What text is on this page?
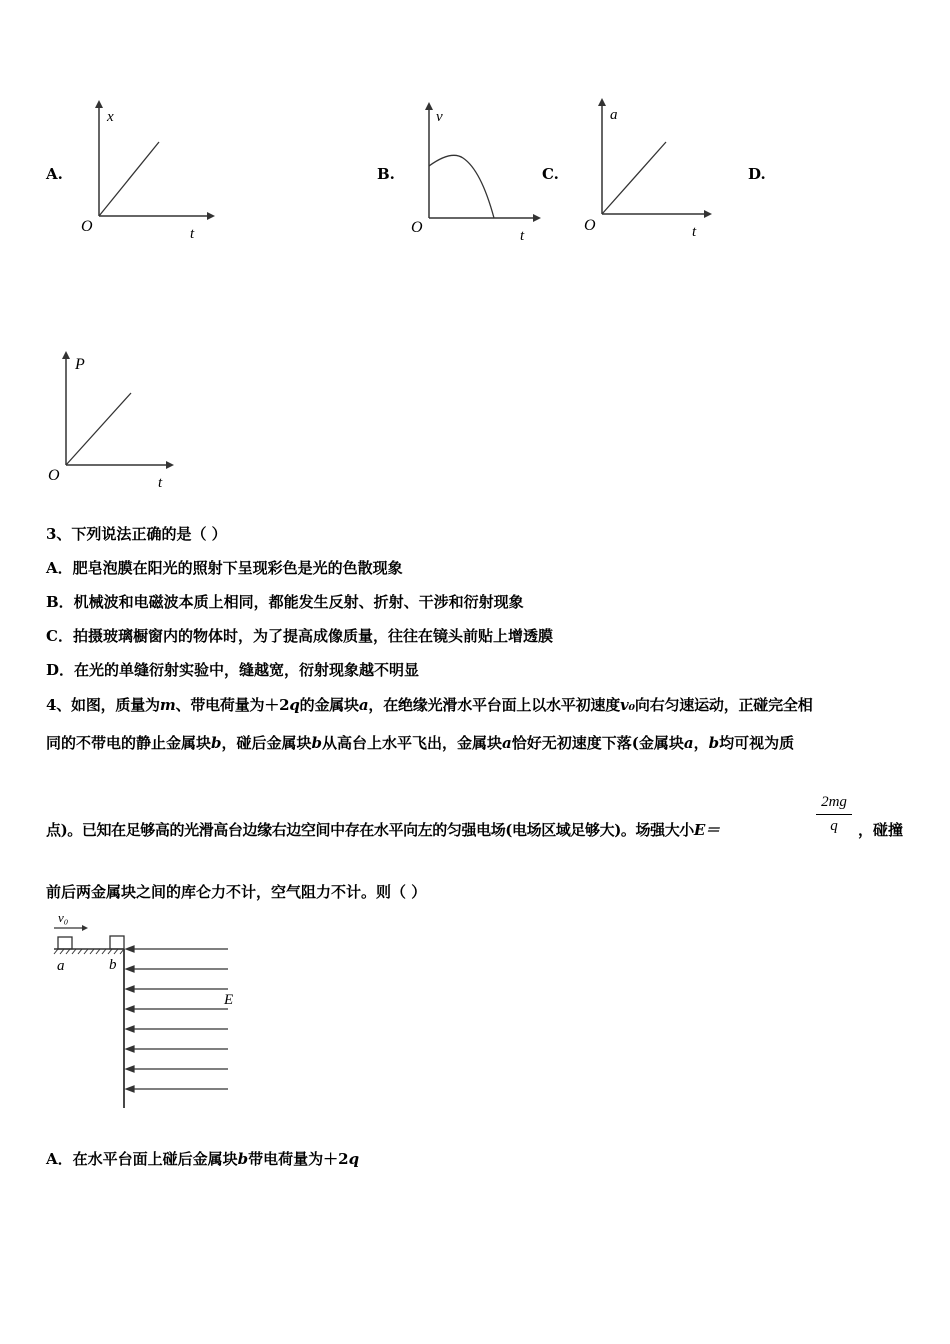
A.
x
t
O
B.
v
t
O
C.
a
t
O
D.
P
t
O
3、下列说法正确的是（ ）
A．肥皂泡膜在阳光的照射下呈现彩色是光的色散现象
B．机械波和电磁波本质上相同，都能发生反射、折射、干涉和衍射现象
C．拍摄玻璃橱窗内的物体时，为了提高成像质量，往往在镜头前贴上增透膜
D．在光的单缝衍射实验中，缝越宽，衍射现象越不明显
4、如图，质量为m、带电荷量为＋2q的金属块a，在绝缘光滑水平台面上以水平初速度v₀向右匀速运动，正碰完全相
同的不带电的静止金属块b，碰后金属块b从高台上水平飞出，金属块a恰好无初速度下落(金属块a，b均可视为质
点)。已知在足够高的光滑高台边缘右边空间中存在水平向左的匀强电场(电场区域足够大)。场强大小E＝
2mg
q	，碰撞
前后两金属块之间的库仑力不计，空气阻力不计。则（ ）
v₀
a	b
E
A．在水平台面上碰后金属块b带电荷量为＋2q
